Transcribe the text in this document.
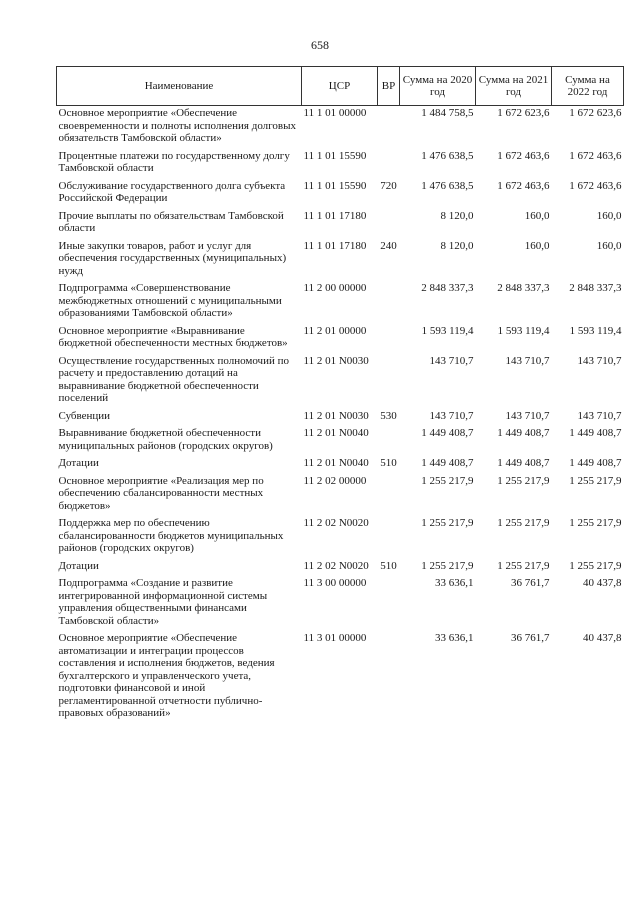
658
Наименование	ЦСР	ВР	Сумма на 2020 год	Сумма на 2021 год	Сумма на 2022 год
Основное мероприятие «Обеспечение своевременности и полноты исполнения долговых обязательств Тамбовской области»	11 1 01 00000		1 484 758,5	1 672 623,6	1 672 623,6
Процентные платежи по государственному долгу Тамбовской области	11 1 01 15590		1 476 638,5	1 672 463,6	1 672 463,6
Обслуживание государственного долга субъекта Российской Федерации	11 1 01 15590	720	1 476 638,5	1 672 463,6	1 672 463,6
Прочие выплаты по обязательствам Тамбовской области	11 1 01 17180		8 120,0	160,0	160,0
Иные закупки товаров, работ и услуг для обеспечения государственных (муниципальных) нужд	11 1 01 17180	240	8 120,0	160,0	160,0
Подпрограмма «Совершенствование межбюджетных отношений с муниципальными образованиями Тамбовской области»	11 2 00 00000		2 848 337,3	2 848 337,3	2 848 337,3
Основное мероприятие «Выравнивание бюджетной обеспеченности местных бюджетов»	11 2 01 00000		1 593 119,4	1 593 119,4	1 593 119,4
Осуществление государственных полномочий по расчету и предоставлению дотаций на выравнивание бюджетной обеспеченности поселений	11 2 01 N0030		143 710,7	143 710,7	143 710,7
Субвенции	11 2 01 N0030	530	143 710,7	143 710,7	143 710,7
Выравнивание бюджетной обеспеченности муниципальных районов (городских округов)	11 2 01 N0040		1 449 408,7	1 449 408,7	1 449 408,7
Дотации	11 2 01 N0040	510	1 449 408,7	1 449 408,7	1 449 408,7
Основное мероприятие «Реализация мер по обеспечению сбалансированности местных бюджетов»	11 2 02 00000		1 255 217,9	1 255 217,9	1 255 217,9
Поддержка мер по обеспечению сбалансированности бюджетов муниципальных районов (городских округов)	11 2 02 N0020		1 255 217,9	1 255 217,9	1 255 217,9
Дотации	11 2 02 N0020	510	1 255 217,9	1 255 217,9	1 255 217,9
Подпрограмма «Создание и развитие интегрированной информационной системы управления общественными финансами Тамбовской области»	11 3 00 00000		33 636,1	36 761,7	40 437,8
Основное мероприятие «Обеспечение автоматизации и интеграции процессов составления и исполнения бюджетов, ведения бухгалтерского и управленческого учета, подготовки финансовой и иной регламентированной отчетности публично-правовых образований»	11 3 01 00000		33 636,1	36 761,7	40 437,8
